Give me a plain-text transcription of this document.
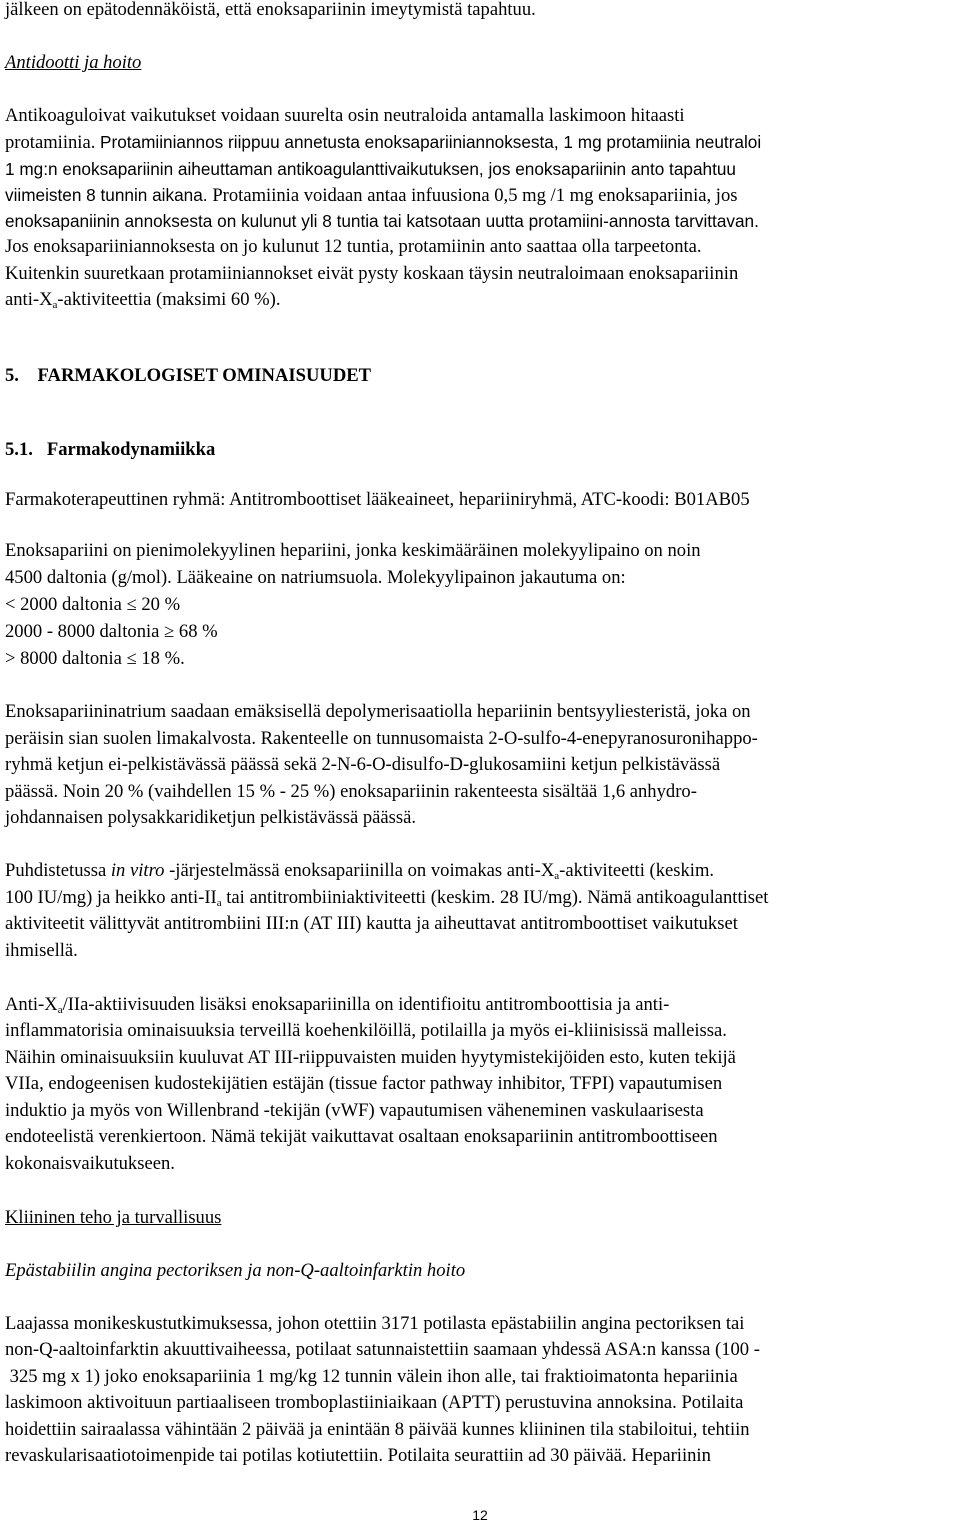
jälkeen on epätodennäköistä, että enoksapariinin imeytymistä tapahtuu.
Antidootti ja hoito
Antikoaguloivat vaikutukset voidaan suurelta osin neutraloida antamalla laskimoon hitaasti
protamiinia. Protamiiniannos riippuu annetusta enoksapariiniannoksesta, 1 mg protamiinia neutraloi
1 mg:n enoksapariinin aiheuttaman antikoagulanttivaikutuksen, jos enoksapariinin anto tapahtuu
viimeisten 8 tunnin aikana. Protamiinia voidaan antaa infuusiona 0,5 mg /1 mg enoksapariinia, jos
enoksapaniinin annoksesta on kulunut yli 8 tuntia tai katsotaan uutta protamiini-annosta tarvittavan.
Jos enoksapariiniannoksesta on jo kulunut 12 tuntia, protamiinin anto saattaa olla tarpeetonta.
Kuitenkin suuretkaan protamiiniannokset eivät pysty koskaan täysin neutraloimaan enoksapariinin
anti-$X_a$-aktiviteettia (maksimi 60 %).
5.    FARMAKOLOGISET OMINAISUUDET
5.1.   Farmakodynamiikka
Farmakoterapeuttinen ryhmä: Antitromboottiset lääkeaineet, hepariiniryhmä, ATC-koodi: B01AB05
Enoksapariini on pienimolekyylinen hepariini, jonka keskimääräinen molekyylipaino on noin
4500 daltonia (g/mol). Lääkeaine on natriumsuola. Molekyylipainon jakautuma on:
< 2000 daltonia ≤ 20 %
2000 - 8000 daltonia ≥ 68 %
> 8000 daltonia ≤ 18 %.
Enoksapariininatrium saadaan emäksisellä depolymerisaatiolla hepariinin bentsyyliesteristä, joka on
peräisin sian suolen limakalvosta. Rakenteelle on tunnusomaista 2-O-sulfo-4-enepyranosuronihappo-
ryhmä ketjun ei-pelkistävässä päässä sekä 2-N-6-O-disulfo-D-glukosamiini ketjun pelkistävässä
päässä. Noin 20 % (vaihdellen 15 % - 25 %) enoksapariinin rakenteesta sisältää 1,6 anhydro-
johdannaisen polysakkaridiketjun pelkistävässä päässä.
Puhdistetussa in vitro -järjestelmässä enoksapariinilla on voimakas anti-$X_a$-aktiviteetti (keskim.
100 IU/mg) ja heikko anti-$II_a$ tai antitrombiiniaktiviteetti (keskim. 28 IU/mg). Nämä antikoagulanttiset
aktiviteetit välittyvät antitrombiini III:n (AT III) kautta ja aiheuttavat antitromboottiset vaikutukset
ihmisellä.
Anti-$X_a/IIa$-aktiivisuuden lisäksi enoksapariinilla on identifioitu antitromboottisia ja anti-
inflammatorisia ominaisuuksia terveillä koehenkilöillä, potilailla ja myös ei-kliinisissä malleissa.
Näihin ominaisuuksiin kuuluvat AT III-riippuvaisten muiden hyytymistekijöiden esto, kuten tekijä
VIIa, endogeenisen kudostekijätien estäjän (tissue factor pathway inhibitor, TFPI) vapautumisen
induktio ja myös von Willenbrand -tekijän (vWF) vapautumisen väheneminen vaskulaarisesta
endoteelistä verenkiertoon. Nämä tekijät vaikuttavat osaltaan enoksapariinin antitromboottiseen
kokonaisvaikutukseen.
Kliininen teho ja turvallisuus
Epästabiilin angina pectoriksen ja non-Q-aaltoinfarktin hoito
Laajassa monikeskustutkimuksessa, johon otettiin 3171 potilasta epästabiilin angina pectoriksen tai
non-Q-aaltoinfarktin akuuttivaiheessa, potilaat satunnaistettiin saamaan yhdessä ASA:n kanssa (100 -
325 mg x 1) joko enoksapariinia 1 mg/kg 12 tunnin välein ihon alle, tai fraktioimatonta hepariinia
laskimoon aktivoituun partiaaliseen tromboplastiiniaikaan (APTT) perustuvina annoksina. Potilaita
hoidettiin sairaalassa vähintään 2 päivää ja enintään 8 päivää kunnes kliininen tila stabiloitui, tehtiin
revaskularisaatiotoimenpide tai potilas kotiutettiin. Potilaita seurattiin ad 30 päivää. Hepariinin
12
